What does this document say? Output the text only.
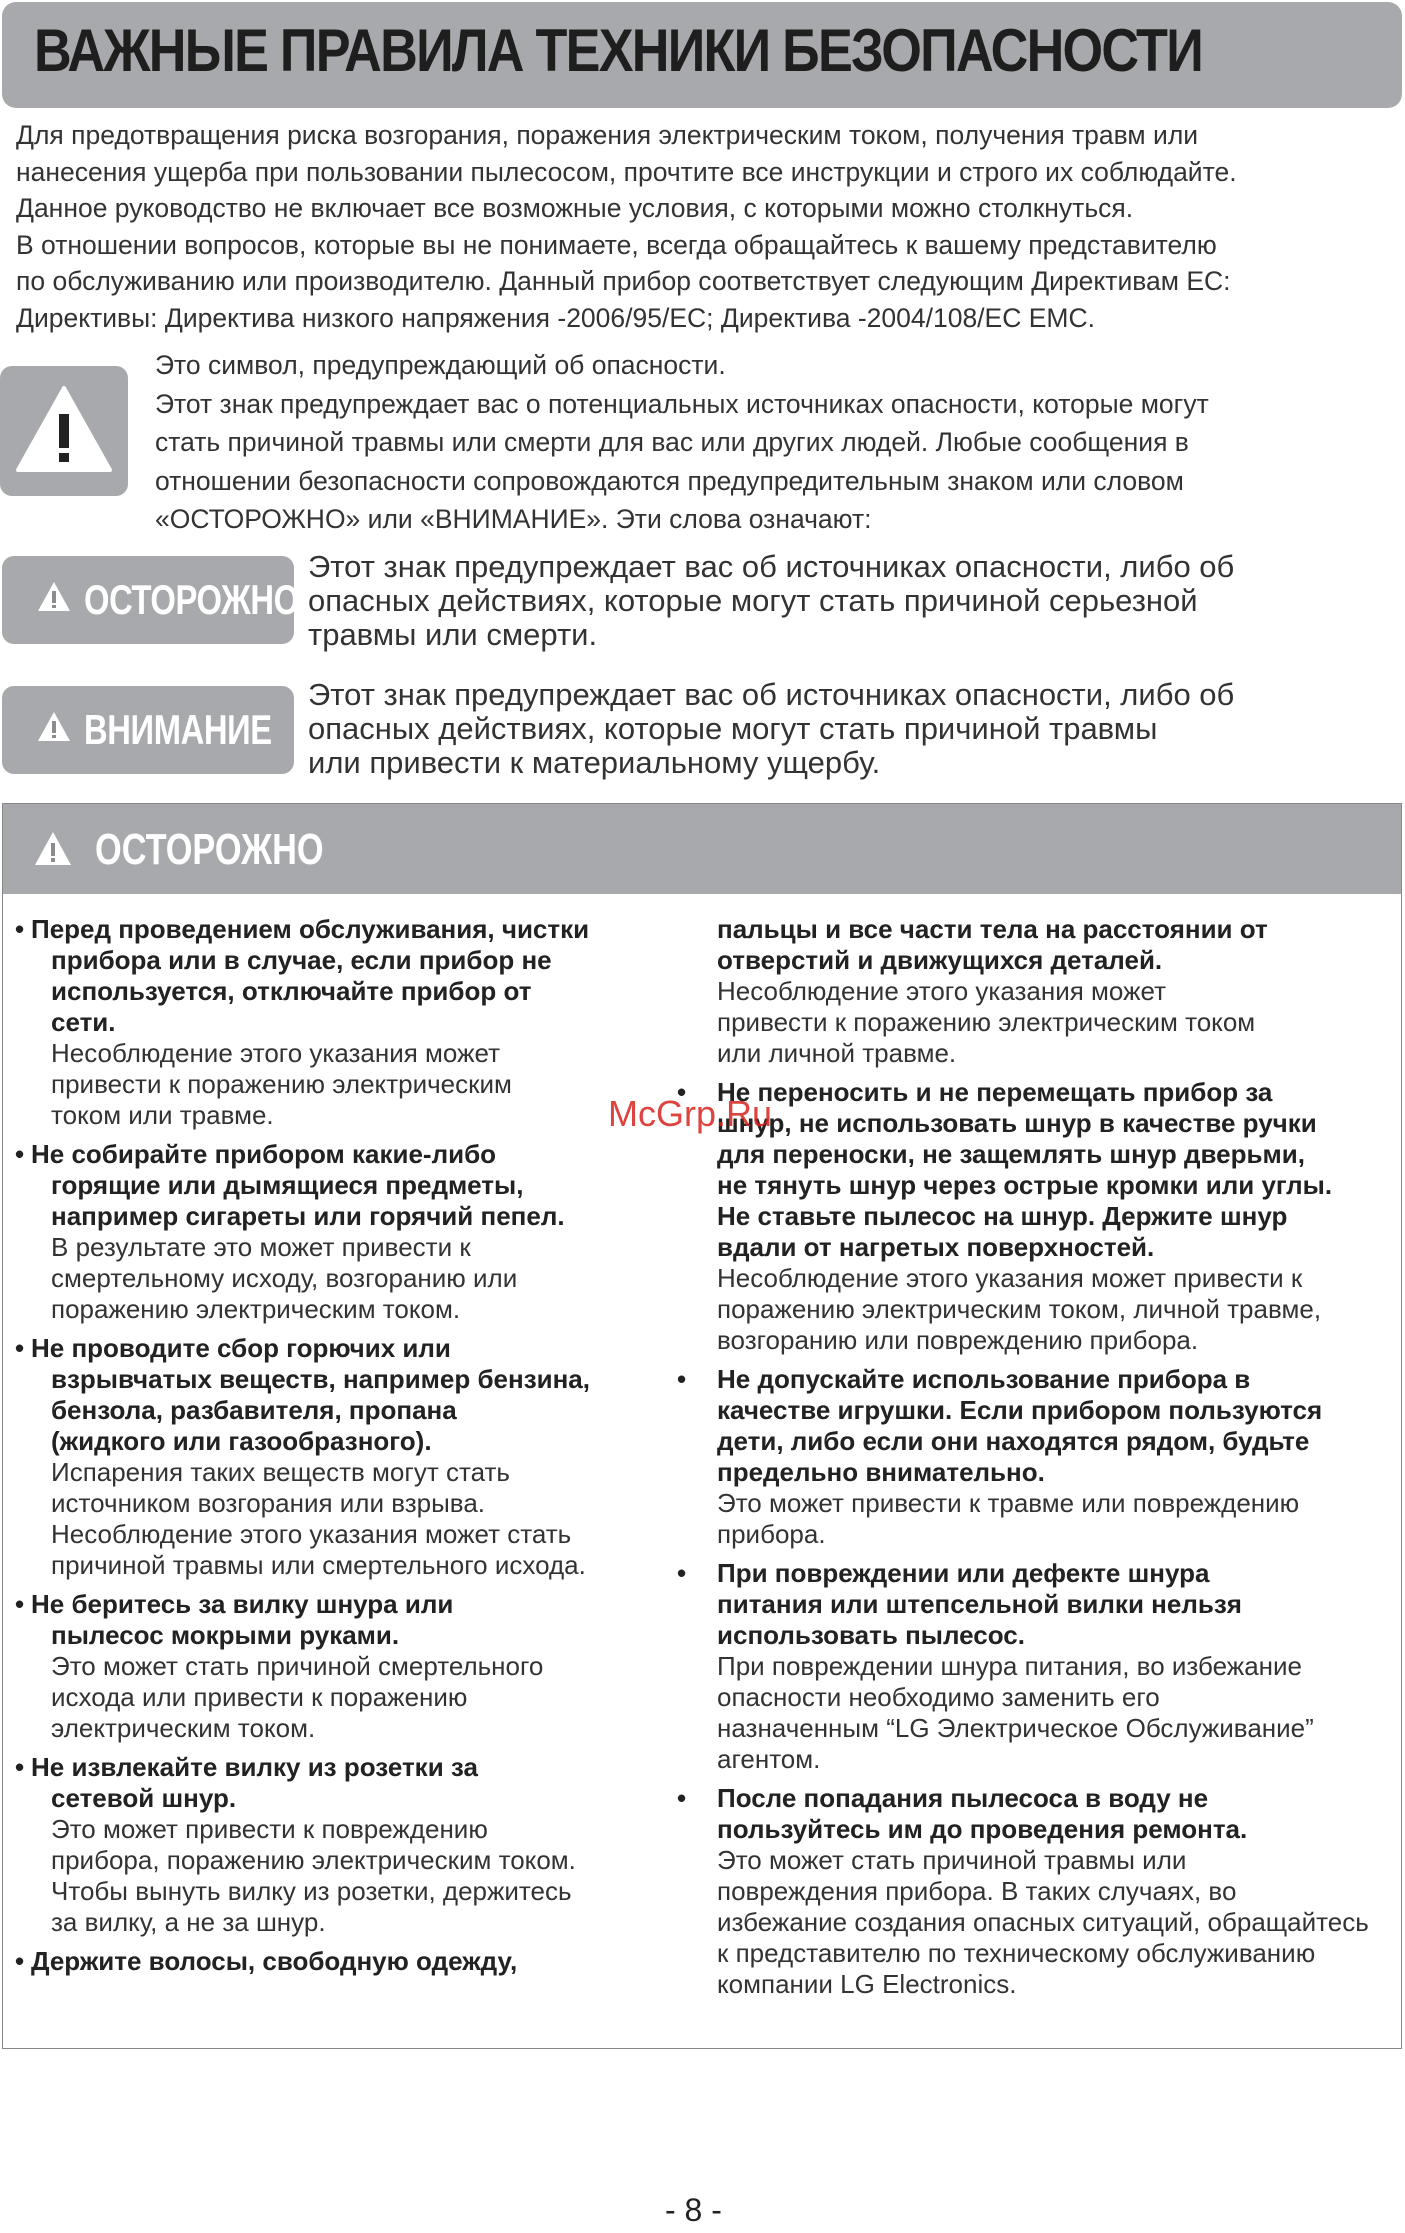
ВАЖНЫЕ ПРАВИЛА ТЕХНИКИ БЕЗОПАСНОСТИ
Для предотвращения риска возгорания, поражения электрическим током, получения травм или
нанесения ущерба при пользовании пылесосом, прочтите все инструкции и строго их соблюдайте.
Данное руководство не включает все возможные условия, с которыми можно столкнуться.
В отношении вопросов, которые вы не понимаете, всегда обращайтесь к вашему представителю
по обслуживанию или производителю. Данный прибор соответствует следующим Директивам ЕС:
Директивы: Директива низкого напряжения -2006/95/ЕС; Директива -2004/108/ЕС ЕМС.
Это символ, предупреждающий об опасности.
Этот знак предупреждает вас о потенциальных источниках опасности, которые могут
стать причиной травмы или смерти для вас или других людей. Любые сообщения в
отношении безопасности сопровождаются предупредительным знаком или словом
«ОСТОРОЖНО» или «ВНИМАНИЕ». Эти слова означают:
ОСТОРОЖНО
Этот знак предупреждает вас об источниках опасности, либо об
опасных действиях, которые могут стать причиной серьезной
травмы или смерти.
ВНИМАНИЕ
Этот знак предупреждает вас об источниках опасности, либо об
опасных действиях, которые могут стать причиной травмы
или привести к материальному ущербу.
ОСТОРОЖНО
• Перед проведением обслуживания, чистки
прибора или в случае, если прибор не
используется, отключайте прибор от
сети.
Несоблюдение этого указания может
привести к поражению электрическим
током или травме.
• Не собирайте прибором какие-либо
горящие или дымящиеся предметы,
например сигареты или горячий пепел.
В результате это может привести к
смертельному исходу, возгоранию или
поражению электрическим током.
• Не проводите сбор горючих или
взрывчатых веществ, например бензина,
бензола, разбавителя, пропана
(жидкого или газообразного).
Испарения таких веществ могут стать
источником возгорания или взрыва.
Несоблюдение этого указания может стать
причиной травмы или смертельного исхода.
• Не беритесь за вилку шнура или
пылесос мокрыми руками.
Это может стать причиной смертельного
исхода или привести к поражению
электрическим током.
• Не извлекайте вилку из розетки за
сетевой шнур.
Это может привести к повреждению
прибора, поражению электрическим током.
Чтобы вынуть вилку из розетки, держитесь
за вилку, а не за шнур.
• Держите волосы, свободную одежду,
пальцы и все части тела на расстоянии от
отверстий и движущихся деталей.
Несоблюдение этого указания может
привести к поражению электрическим током
или личной травме.
• Не переносить и не перемещать прибор за
шнур, не использовать шнур в качестве ручки
для переноски, не защемлять шнур дверьми,
не тянуть шнур через острые кромки или углы.
Не ставьте пылесос на шнур. Держите шнур
вдали от нагретых поверхностей.
Несоблюдение этого указания может привести к
поражению электрическим током, личной травме,
возгоранию или повреждению прибора.
• Не допускайте использование прибора в
качестве игрушки. Если прибором пользуются
дети, либо если они находятся рядом, будьте
предельно внимательно.
Это может привести к травме или повреждению
прибора.
• При повреждении или дефекте шнура
питания или штепсельной вилки нельзя
использовать пылесос.
При повреждении шнура питания, во избежание
опасности необходимо заменить его
назначенным “LG Электрическое Обслуживание”
агентом.
• После попадания пылесоса в воду не
пользуйтесь им до проведения ремонта.
Это может стать причиной травмы или
повреждения прибора. В таких случаях, во
избежание создания опасных ситуаций, обращайтесь
к представителю по техническому обслуживанию
компании LG Electronics.
McGrp.Ru
- 8 -
